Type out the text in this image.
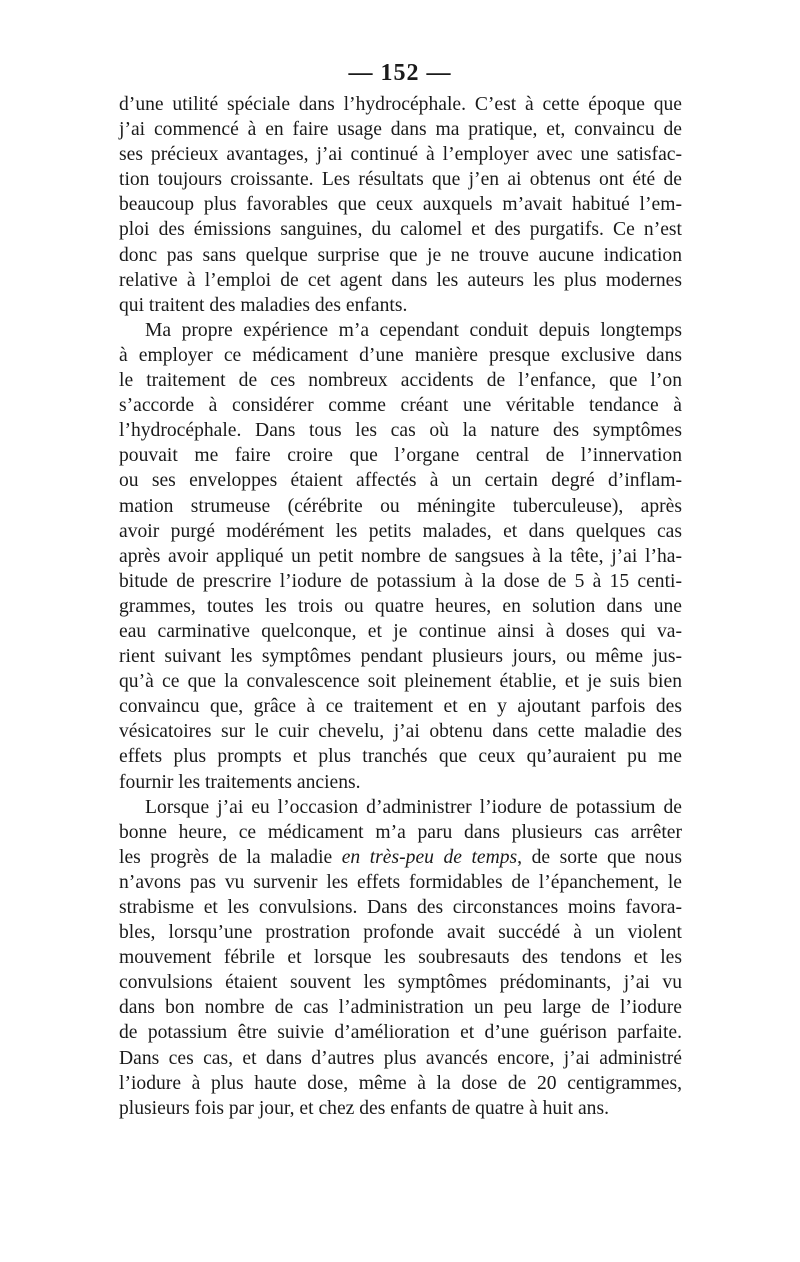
— 152 —
d’une utilité spéciale dans l’hydrocéphale. C’est à cette époque que
j’ai commencé à en faire usage dans ma pratique, et, convaincu de
ses précieux avantages, j’ai continué à l’employer avec une satisfac-
tion toujours croissante. Les résultats que j’en ai obtenus ont été de
beaucoup plus favorables que ceux auxquels m’avait habitué l’em-
ploi des émissions sanguines, du calomel et des purgatifs. Ce n’est
donc pas sans quelque surprise que je ne trouve aucune indication
relative à l’emploi de cet agent dans les auteurs les plus modernes
qui traitent des maladies des enfants.
Ma propre expérience m’a cependant conduit depuis longtemps
à employer ce médicament d’une manière presque exclusive dans
le traitement de ces nombreux accidents de l’enfance, que l’on
s’accorde à considérer comme créant une véritable tendance à
l’hydrocéphale. Dans tous les cas où la nature des symptômes
pouvait me faire croire que l’organe central de l’innervation
ou ses enveloppes étaient affectés à un certain degré d’inflam-
mation strumeuse (cérébrite ou méningite tuberculeuse), après
avoir purgé modérément les petits malades, et dans quelques cas
après avoir appliqué un petit nombre de sangsues à la tête, j’ai l’ha-
bitude de prescrire l’iodure de potassium à la dose de 5 à 15 centi-
grammes, toutes les trois ou quatre heures, en solution dans une
eau carminative quelconque, et je continue ainsi à doses qui va-
rient suivant les symptômes pendant plusieurs jours, ou même jus-
qu’à ce que la convalescence soit pleinement établie, et je suis bien
convaincu que, grâce à ce traitement et en y ajoutant parfois des
vésicatoires sur le cuir chevelu, j’ai obtenu dans cette maladie des
effets plus prompts et plus tranchés que ceux qu’auraient pu me
fournir les traitements anciens.
Lorsque j’ai eu l’occasion d’administrer l’iodure de potassium de
bonne heure, ce médicament m’a paru dans plusieurs cas arrêter
les progrès de la maladie en très-peu de temps, de sorte que nous
n’avons pas vu survenir les effets formidables de l’épanchement, le
strabisme et les convulsions. Dans des circonstances moins favora-
bles, lorsqu’une prostration profonde avait succédé à un violent
mouvement fébrile et lorsque les soubresauts des tendons et les
convulsions étaient souvent les symptômes prédominants, j’ai vu
dans bon nombre de cas l’administration un peu large de l’iodure
de potassium être suivie d’amélioration et d’une guérison parfaite.
Dans ces cas, et dans d’autres plus avancés encore, j’ai administré
l’iodure à plus haute dose, même à la dose de 20 centigrammes,
plusieurs fois par jour, et chez des enfants de quatre à huit ans.
